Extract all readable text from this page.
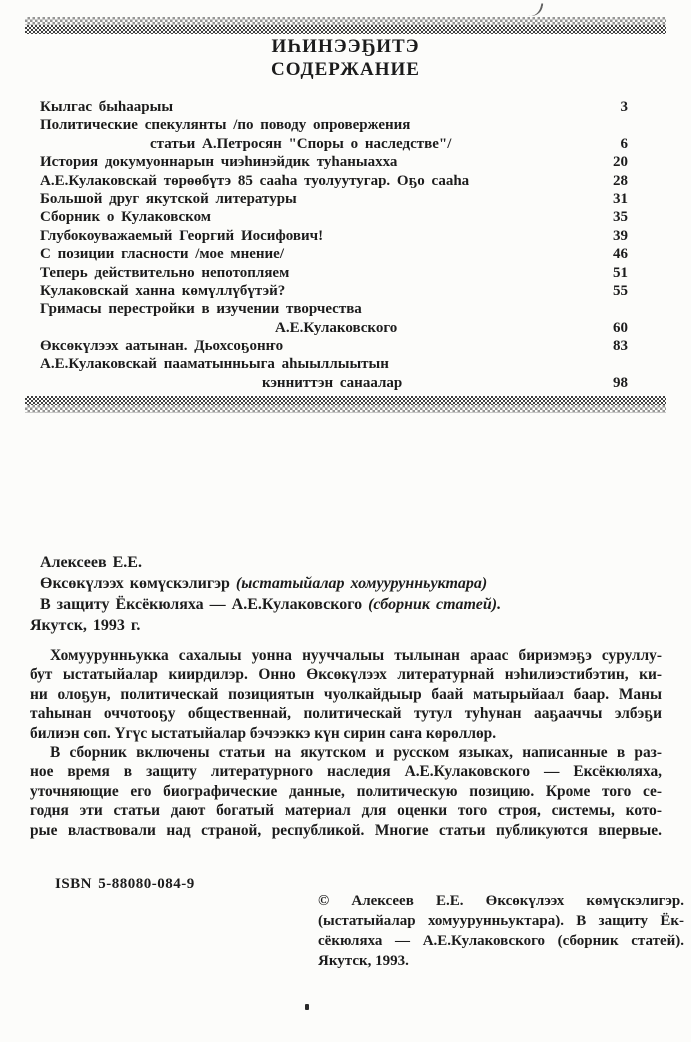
ИҺИНЭЭҔИТЭ
СОДЕРЖАНИЕ
Кылгас быһаарыы	3
Политические спекулянты /по поводу опровержения
статьи А.Петросян "Споры о наследстве"/	6
История докумуоннарын чиэһинэйдик туһаныахха	20
А.Е.Кулаковскай төрөөбүтэ 85 сааһа туолуутугар. Оҕо сааһа	28
Большой друг якутской литературы	31
Сборник о Кулаковском	35
Глубокоуважаемый Георгий Иосифович!	39
С позиции гласности /мое мнение/	46
Теперь действительно непотопляем	51
Кулаковскай ханна көмүллүбүтэй?	55
Гримасы перестройки в изучении творчества
А.Е.Кулаковского	60
Өксөкүлээх аатынан. Дьохсоҕонҥо	83
А.Е.Кулаковскай пааматынньыга аһыыллыытын
кэнниттэн санаалар	98
Алексеев Е.Е.
Өксөкүлээх көмүскэлигэр (ыстатыйалар хомуурунньуктара)
В защиту Ёксёкюляха — А.Е.Кулаковского (сборник статей).
Якутск, 1993 г.
Хомуурунньукка сахалыы уонна нууччалыы тылынан араас бириэмэҕэ суруллу-
бут ыстатыйалар киирдилэр. Онно Өксөкүлээх литературнай нэһилиэстибэтин, ки-
ни олоҕун, политическай позициятын чуолкайдыыр баай матырыйаал баар. Маны
таһынан оччотооҕу общественнай, политическай тутул туһунан ааҕааччы элбэҕи
билиэн сөп. Үгүс ыстатыйалар бэчээккэ күн сирин саҥа көрөллөр.
В сборник включены статьи на якутском и русском языках, написанные в раз-
ное время в защиту литературного наследия А.Е.Кулаковского — Ексёкюляха,
уточняющие его биографические данные, политическую позицию. Кроме того се-
годня эти статьи дают богатый материал для оценки того строя, системы, кото-
рые властвовали над страной, республикой. Многие статьи публикуются впервые.
ISBN 5-88080-084-9
© Алексеев Е.Е. Өксөкүлээх көмүскэлигэр.
(ыстатыйалар хомуурунньуктара). В защиту Ёк-
сёкюляха — А.Е.Кулаковского (сборник статей).
Якутск, 1993.
